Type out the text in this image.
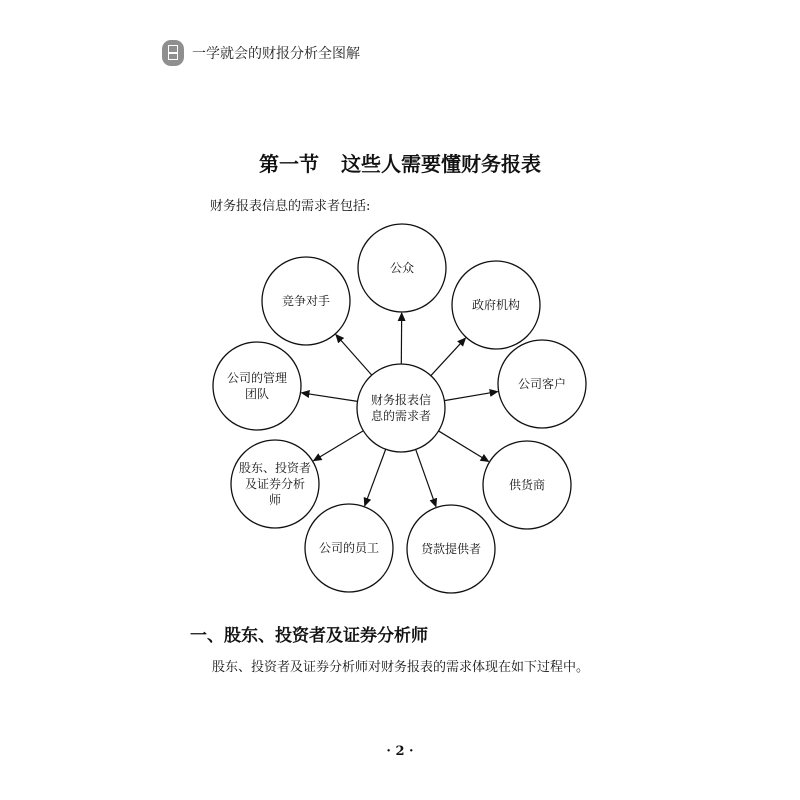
一学就会的财报分析全图解
第一节 这些人需要懂财务报表
财务报表信息的需求者包括:
公众
政府机构
公司客户
供货商
贷款提供者
公司的员工
股东、投资者
及证券分析
师
公司的管理
团队
竞争对手
财务报表信
息的需求者
一、股东、投资者及证券分析师
股东、投资者及证券分析师对财务报表的需求体现在如下过程中。
· 2 ·
